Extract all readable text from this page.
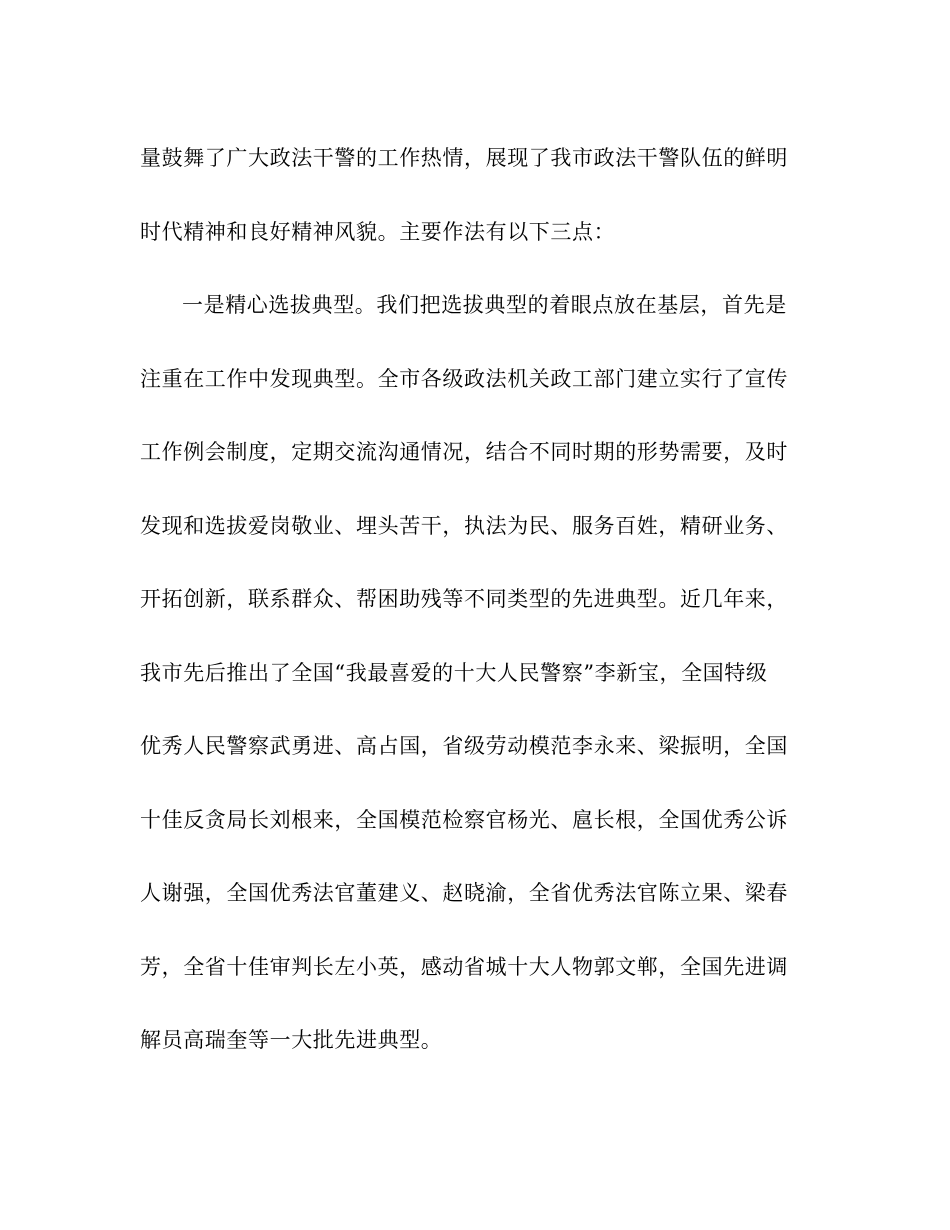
量鼓舞了广大政法干警的工作热情，展现了我市政法干警队伍的鲜明
时代精神和良好精神风貌。主要作法有以下三点：
一是精心选拔典型。我们把选拔典型的着眼点放在基层，首先是
注重在工作中发现典型。全市各级政法机关政工部门建立实行了宣传
工作例会制度，定期交流沟通情况，结合不同时期的形势需要，及时
发现和选拔爱岗敬业、埋头苦干，执法为民、服务百姓，精研业务、
开拓创新，联系群众、帮困助残等不同类型的先进典型。近几年来，
我市先后推出了全国“我最喜爱的十大人民警察”李新宝，全国特级
优秀人民警察武勇进、高占国，省级劳动模范李永来、梁振明，全国
十佳反贪局长刘根来，全国模范检察官杨光、扈长根，全国优秀公诉
人谢强，全国优秀法官董建义、赵晓渝，全省优秀法官陈立果、梁春
芳，全省十佳审判长左小英，感动省城十大人物郭文郸，全国先进调
解员高瑞奎等一大批先进典型。
